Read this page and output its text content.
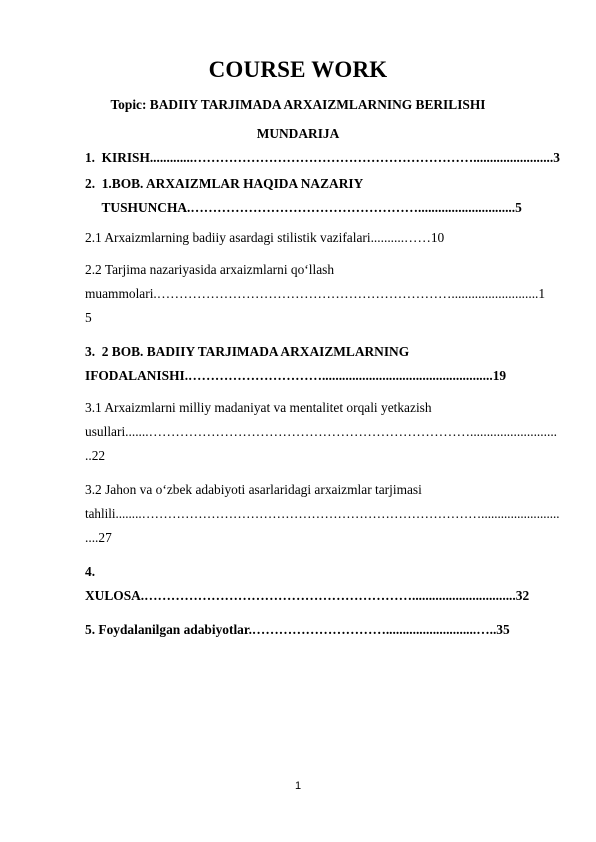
COURSE WORK
Topic: BADIIY TARJIMADA ARXAIZMLARNING BERILISHI
MUNDARIJA
1.  KIRISH.............………………………………………………………........................3
2.  1.BOB. ARXAIZMLAR HAQIDA NAZARIY
TUSHUNCHA.…………………………………………….............................5
2.1 Arxaizmlarning badiiy asardagi stilistik vazifalari..........……10
2.2 Tarjima nazariyasida arxaizmlarni qo‘llash
muammolari.…………………………………………………………..........................1
5
3.  2 BOB. BADIIY TARJIMADA ARXAIZMLARNING
IFODALANISHI.…………………………...................................................19
3.1 Arxaizmlarni milliy madaniyat va mentalitet orqali yetkazish
usullari.......………………………………………………………………..........................
..22
3.2 Jahon va o‘zbek adabiyoti asarlaridagi arxaizmlar tarjimasi
tahlili........……………………………………………………………………........................
....27
4.
XULOSA.……………………………………………………...............................32
5. Foydalanilgan adabiyotlar.…………………………...........................…..35
1
